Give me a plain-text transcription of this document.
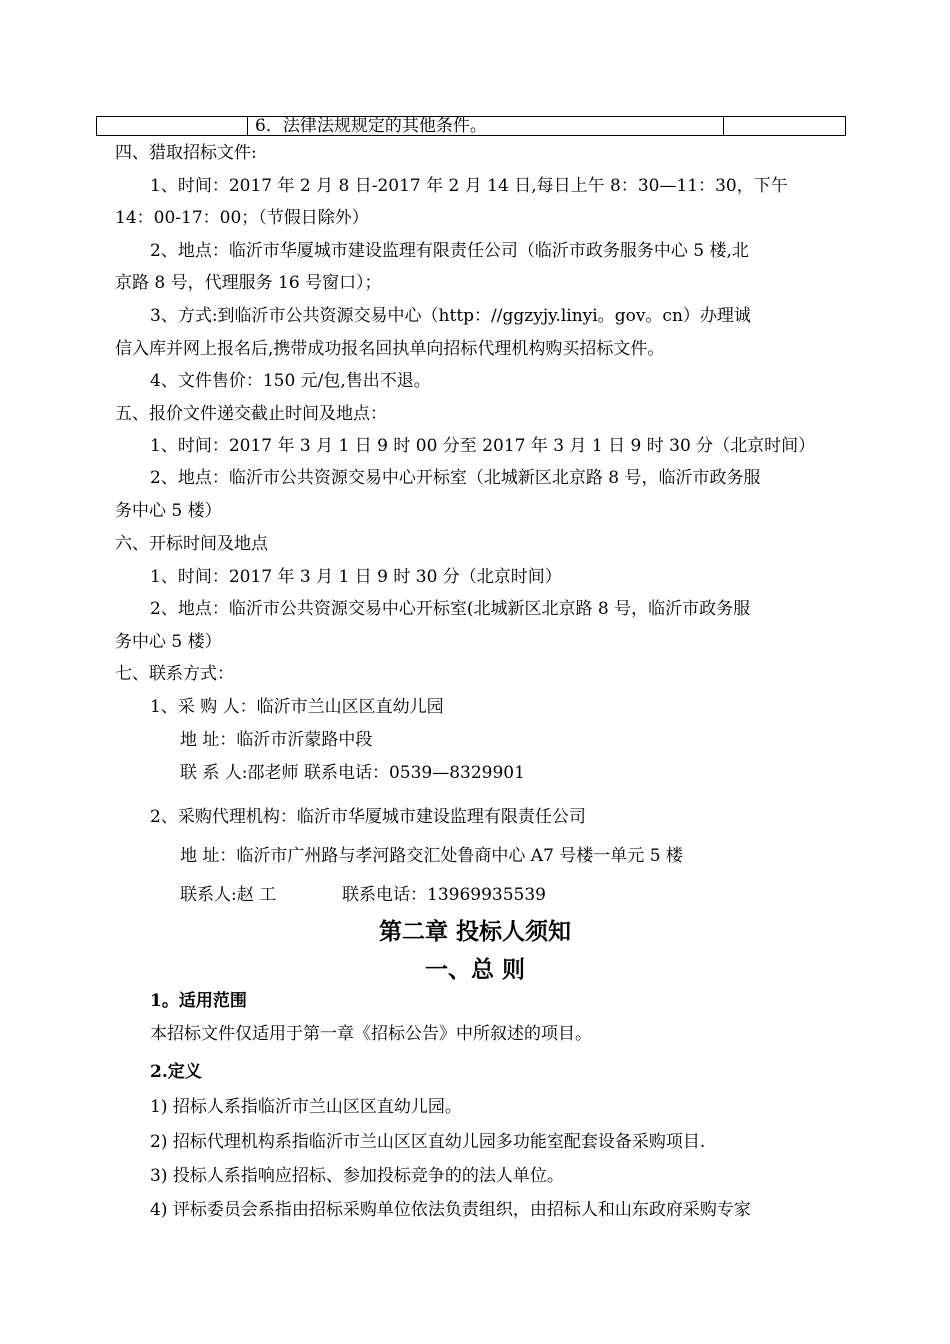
6．法律法规规定的其他条件。
四、猎取招标文件:
1、时间：2017 年 2 月 8 日-2017 年 2 月 14 日,每日上午 8：30—11：30，下午
14：00-17：00；（节假日除外）
2、地点：临沂市华厦城市建设监理有限责任公司（临沂市政务服务中心 5 楼,北
京路 8 号，代理服务 16 号窗口）；
3、方式:到临沂市公共资源交易中心（http：//ggzyjy.linyi。gov。cn）办理诚
信入库并网上报名后,携带成功报名回执单向招标代理机构购买招标文件。
4、文件售价：150 元/包,售出不退。
五、报价文件递交截止时间及地点：
1、时间：2017 年 3 月 1 日 9 时 00 分至 2017 年 3 月 1 日 9 时 30 分（北京时间）
2、地点：临沂市公共资源交易中心开标室（北城新区北京路 8 号，临沂市政务服
务中心 5 楼）
六、开标时间及地点
1、时间：2017 年 3 月 1 日 9 时 30 分（北京时间）
2、地点：临沂市公共资源交易中心开标室(北城新区北京路 8 号，临沂市政务服
务中心 5 楼）
七、联系方式：
1、采 购 人：临沂市兰山区区直幼儿园
地 址：临沂市沂蒙路中段
联 系 人:邵老师 联系电话：0539—8329901
2、采购代理机构：临沂市华厦城市建设监理有限责任公司
地 址：临沂市广州路与孝河路交汇处鲁商中心 A7 号楼一单元 5 楼
联系人:赵 工	联系电话：13969935539
第二章 投标人须知
一、总 则
1。适用范围
本招标文件仅适用于第一章《招标公告》中所叙述的项目。
2.定义
1) 招标人系指临沂市兰山区区直幼儿园。
2) 招标代理机构系指临沂市兰山区区直幼儿园多功能室配套设备采购项目.
3) 投标人系指响应招标、参加投标竞争的的法人单位。
4) 评标委员会系指由招标采购单位依法负责组织，由招标人和山东政府采购专家
